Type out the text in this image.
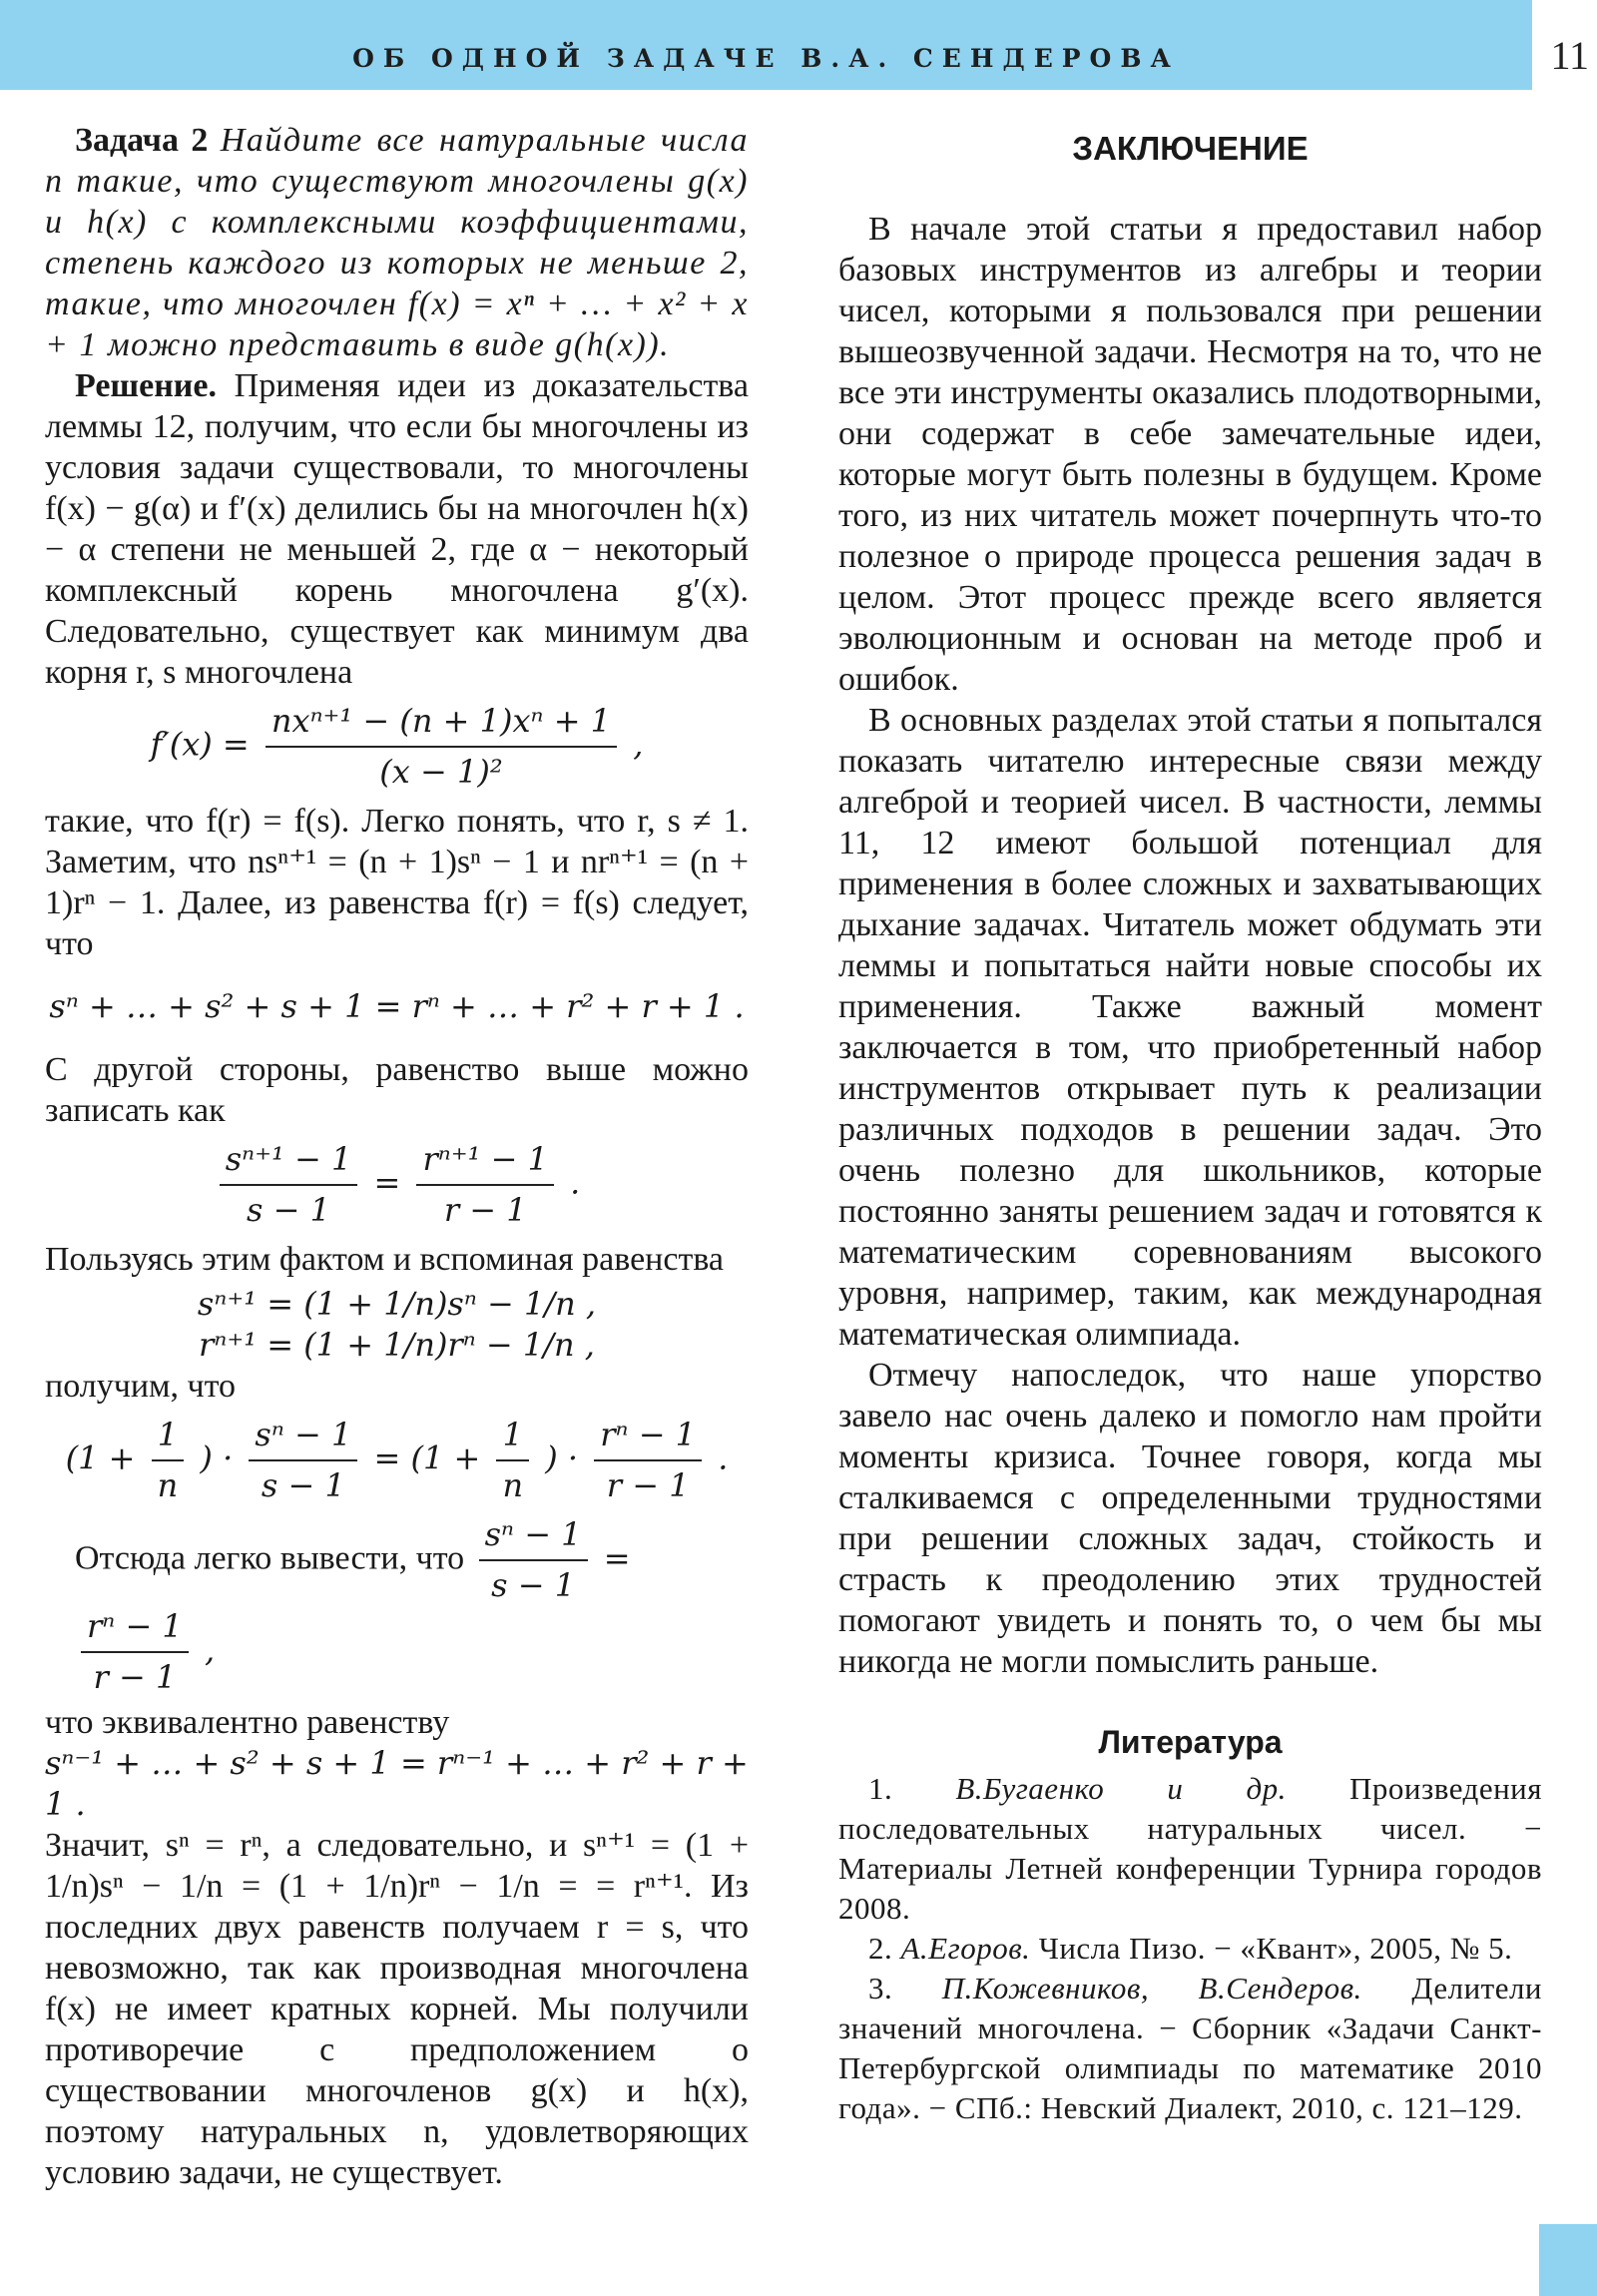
ОБ ОДНОЙ ЗАДАЧЕ В.А. СЕНДЕРОВА	11

Задача 2 Найдите все натуральные числа n такие, что существуют многочлены g(x) и h(x) с комплексными коэффициентами, степень каждого из которых не меньше 2, такие, что многочлен f(x) = xⁿ + … + x² + x + 1 можно представить в виде g(h(x)).

Решение. Применяя идеи из доказательства леммы 12, получим, что если бы многочлены из условия задачи существовали, то многочлены f(x) − g(α) и f′(x) делились бы на многочлен h(x) − α степени не меньшей 2, где α − некоторый комплексный корень многочлена g′(x). Следовательно, существует как минимум два корня r, s многочлена

$f'(x) = \frac{\text{nxⁿ⁺¹ − (n + 1)xⁿ + 1}}{\text{(x − 1)²}}$ ,

такие, что f(r) = f(s). Легко понять, что r, s ≠ 1. Заметим, что nsⁿ⁺¹ = (n + 1)sⁿ − 1 и nrⁿ⁺¹ = (n + 1)rⁿ − 1. Далее, из равенства f(r) = f(s) следует, что

sⁿ + … + s² + s + 1 = rⁿ + … + r² + r + 1 .

С другой стороны, равенство выше можно записать как

$\frac{\text{sⁿ⁺¹ − 1}}{s - 1} = \frac{\text{rⁿ⁺¹ − 1}}{r - 1}$ .

Пользуясь этим фактом и вспоминая равенства

sⁿ⁺¹ = (1 + 1/n)sⁿ − 1/n ,
rⁿ⁺¹ = (1 + 1/n)rⁿ − 1/n ,

получим, что

($1 + \frac{1}{n}$ ) · $\frac{\text{sⁿ − 1}}{s - 1} = (1 + \frac{1}{n}$ ) · $\frac{\text{rⁿ − 1}}{r - 1}$ .
Отсюда легко вывести, что $\frac{\text{sⁿ − 1}}{s - 1}$ =
$\frac{\text{rⁿ − 1}}{r - 1}$ ,

что эквивалентно равенству

sⁿ⁻¹ + … + s² + s + 1 = rⁿ⁻¹ + … + r² + r + 1 .

Значит, sⁿ = rⁿ, а следовательно, и sⁿ⁺¹ = (1 + 1/n)sⁿ − 1/n = (1 + 1/n)rⁿ − 1/n = = rⁿ⁺¹. Из последних двух равенств получаем r = s, что невозможно, так как производная многочлена f(x) не имеет кратных корней. Мы получили противоречие с предположением о существовании многочленов g(x) и h(x), поэтому натуральных n, удовлетворяющих условию задачи, не существует.

ЗАКЛЮЧЕНИЕ

В начале этой статьи я предоставил набор базовых инструментов из алгебры и теории чисел, которыми я пользовался при решении вышеозвученной задачи. Несмотря на то, что не все эти инструменты оказались плодотворными, они содержат в себе замечательные идеи, которые могут быть полезны в будущем. Кроме того, из них читатель может почерпнуть что-то полезное о природе процесса решения задач в целом. Этот процесс прежде всего является эволюционным и основан на методе проб и ошибок.

В основных разделах этой статьи я попытался показать читателю интересные связи между алгеброй и теорией чисел. В частности, леммы 11, 12 имеют большой потенциал для применения в более сложных и захватывающих дыхание задачах. Читатель может обдумать эти леммы и попытаться найти новые способы их применения. Также важный момент заключается в том, что приобретенный набор инструментов открывает путь к реализации различных подходов в решении задач. Это очень полезно для школьников, которые постоянно заняты решением задач и готовятся к математическим соревнованиям высокого уровня, например, таким, как международная математическая олимпиада.

Отмечу напоследок, что наше упорство завело нас очень далеко и помогло нам пройти моменты кризиса. Точнее говоря, когда мы сталкиваемся с определенными трудностями при решении сложных задач, стойкость и страсть к преодолению этих трудностей помогают увидеть и понять то, о чем бы мы никогда не могли помыслить раньше.

Литература

1. В.Бугаенко и др. Произведения последовательных натуральных чисел. − Материалы Летней конференции Турнира городов 2008.

2. А.Егоров. Числа Пизо. − «Квант», 2005, № 5.

3. П.Кожевников, В.Сендеров. Делители значений многочлена. − Сборник «Задачи Санкт-Петербургской олимпиады по математике 2010 года». − СПб.: Невский Диалект, 2010, с. 121–129.
